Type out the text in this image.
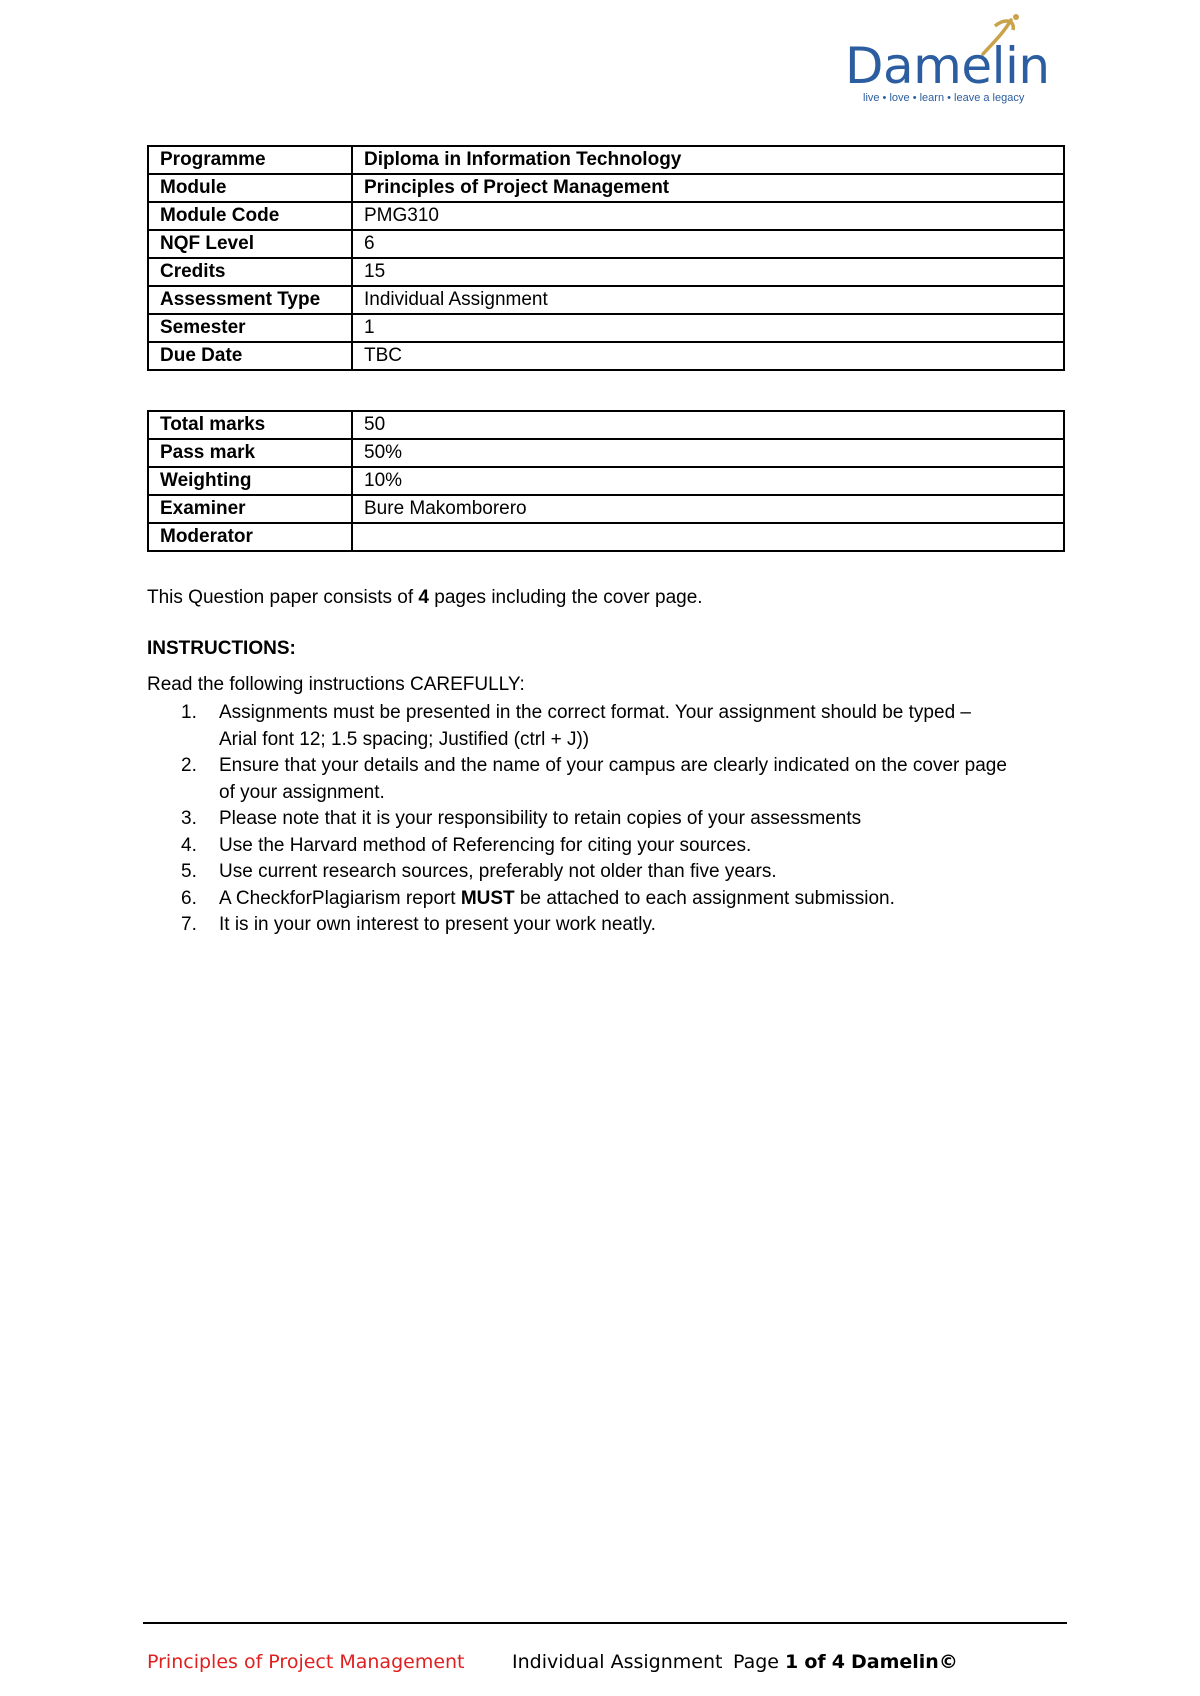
Damelin
live • love • learn • leave a legacy
Programme	Diploma in Information Technology
Module	Principles of Project Management
Module Code	PMG310
NQF Level	6
Credits	15
Assessment Type	Individual Assignment
Semester	1
Due Date	TBC
Total marks	50
Pass mark	50%
Weighting	10%
Examiner	Bure Makomborero
Moderator	
This Question paper consists of 4 pages including the cover page.
INSTRUCTIONS:
Read the following instructions CAREFULLY:
1. Assignments must be presented in the correct format. Your assignment should be typed –
Arial font 12; 1.5 spacing; Justified (ctrl + J))
2. Ensure that your details and the name of your campus are clearly indicated on the cover page
of your assignment.
3. Please note that it is your responsibility to retain copies of your assessments
4. Use the Harvard method of Referencing for citing your sources.
5. Use current research sources, preferably not older than five years.
6. A CheckforPlagiarism report MUST be attached to each assignment submission.
7. It is in your own interest to present your work neatly.
Principles of Project Management Individual Assignment Page 1 of 4 Damelin©
